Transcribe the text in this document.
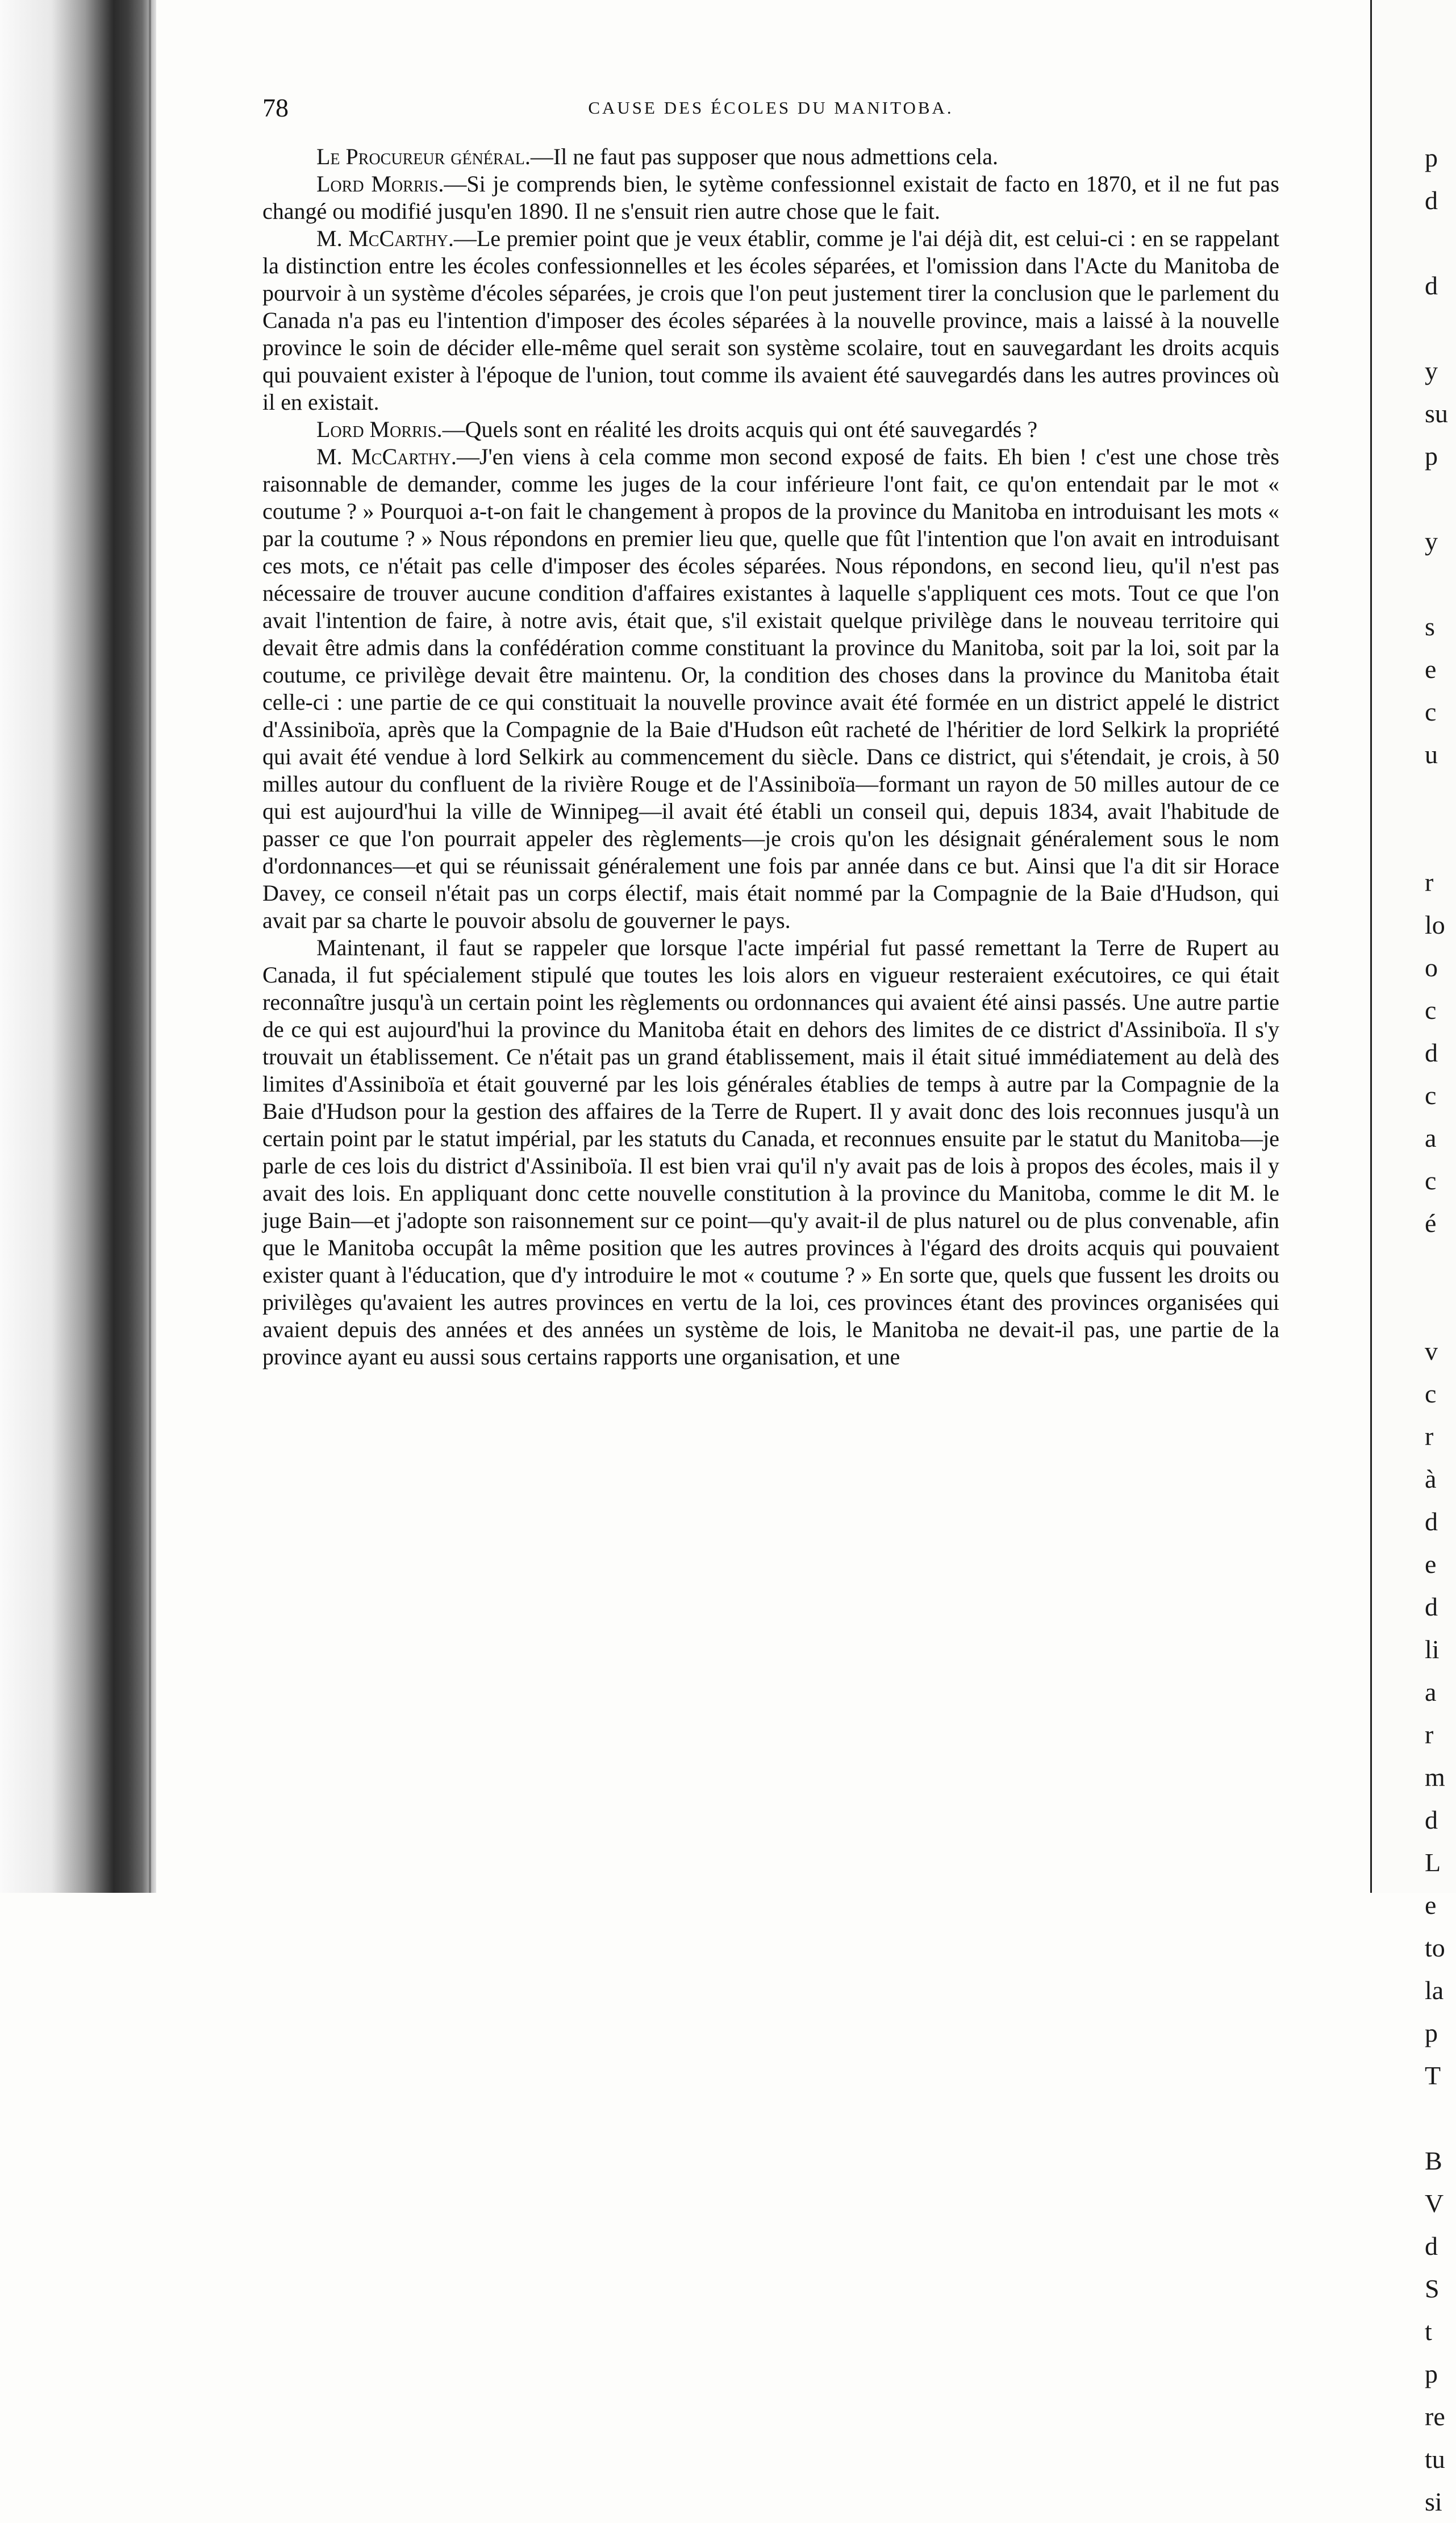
p
d
d
y
su
p
y
s
e
c
u
r
lo
o
c
d
c
a
c
é
v
c
r
à
d
e
d
li
a
r
m
d
L
e
to
la
p
T
B
V
d
S
t
p
re
tu
si
78	CAUSE DES ÉCOLES DU MANITOBA.

Le Procureur général.—Il ne faut pas supposer que nous admettions cela.

Lord Morris.—Si je comprends bien, le sytème confessionnel existait de facto en 1870, et il ne fut pas changé ou modifié jusqu'en 1890. Il ne s'ensuit rien autre chose que le fait.

M. McCarthy.—Le premier point que je veux établir, comme je l'ai déjà dit, est celui-ci : en se rappelant la distinction entre les écoles confessionnelles et les écoles séparées, et l'omission dans l'Acte du Manitoba de pourvoir à un système d'écoles séparées, je crois que l'on peut justement tirer la conclusion que le parlement du Canada n'a pas eu l'intention d'imposer des écoles séparées à la nouvelle province, mais a laissé à la nouvelle province le soin de décider elle-même quel serait son système scolaire, tout en sauvegardant les droits acquis qui pouvaient exister à l'époque de l'union, tout comme ils avaient été sauvegardés dans les autres provinces où il en existait.

Lord Morris.—Quels sont en réalité les droits acquis qui ont été sauvegardés ?

M. McCarthy.—J'en viens à cela comme mon second exposé de faits. Eh bien ! c'est une chose très raisonnable de demander, comme les juges de la cour inférieure l'ont fait, ce qu'on entendait par le mot « coutume ? » Pourquoi a-t-on fait le changement à propos de la province du Manitoba en introduisant les mots « par la coutume ? » Nous répondons en premier lieu que, quelle que fût l'intention que l'on avait en introduisant ces mots, ce n'était pas celle d'imposer des écoles séparées. Nous répondons, en second lieu, qu'il n'est pas nécessaire de trouver aucune condition d'affaires existantes à laquelle s'appliquent ces mots. Tout ce que l'on avait l'intention de faire, à notre avis, était que, s'il existait quelque privilège dans le nouveau territoire qui devait être admis dans la confédération comme constituant la province du Manitoba, soit par la loi, soit par la coutume, ce privilège devait être maintenu. Or, la condition des choses dans la province du Manitoba était celle-ci : une partie de ce qui constituait la nouvelle province avait été formée en un district appelé le district d'Assiniboïa, après que la Compagnie de la Baie d'Hudson eût racheté de l'héritier de lord Selkirk la propriété qui avait été vendue à lord Selkirk au commencement du siècle. Dans ce district, qui s'étendait, je crois, à 50 milles autour du confluent de la rivière Rouge et de l'Assiniboïa—formant un rayon de 50 milles autour de ce qui est aujourd'hui la ville de Winnipeg—il avait été établi un conseil qui, depuis 1834, avait l'habitude de passer ce que l'on pourrait appeler des règlements—je crois qu'on les désignait généralement sous le nom d'ordonnances—et qui se réunissait généralement une fois par année dans ce but. Ainsi que l'a dit sir Horace Davey, ce conseil n'était pas un corps électif, mais était nommé par la Compagnie de la Baie d'Hudson, qui avait par sa charte le pouvoir absolu de gouverner le pays.

Maintenant, il faut se rappeler que lorsque l'acte impérial fut passé remettant la Terre de Rupert au Canada, il fut spécialement stipulé que toutes les lois alors en vigueur resteraient exécutoires, ce qui était reconnaître jusqu'à un certain point les règlements ou ordonnances qui avaient été ainsi passés. Une autre partie de ce qui est aujourd'hui la province du Manitoba était en dehors des limites de ce district d'Assiniboïa. Il s'y trouvait un établissement. Ce n'était pas un grand établissement, mais il était situé immédiatement au delà des limites d'Assiniboïa et était gouverné par les lois générales établies de temps à autre par la Compagnie de la Baie d'Hudson pour la gestion des affaires de la Terre de Rupert. Il y avait donc des lois reconnues jusqu'à un certain point par le statut impérial, par les statuts du Canada, et reconnues ensuite par le statut du Manitoba—je parle de ces lois du district d'Assiniboïa. Il est bien vrai qu'il n'y avait pas de lois à propos des écoles, mais il y avait des lois. En appliquant donc cette nouvelle constitution à la province du Manitoba, comme le dit M. le juge Bain—et j'adopte son raisonnement sur ce point—qu'y avait-il de plus naturel ou de plus convenable, afin que le Manitoba occupât la même position que les autres provinces à l'égard des droits acquis qui pouvaient exister quant à l'éducation, que d'y introduire le mot « coutume ? » En sorte que, quels que fussent les droits ou privilèges qu'avaient les autres provinces en vertu de la loi, ces provinces étant des provinces organisées qui avaient depuis des années et des années un système de lois, le Manitoba ne devait-il pas, une partie de la province ayant eu aussi sous certains rapports une organisation, et une
